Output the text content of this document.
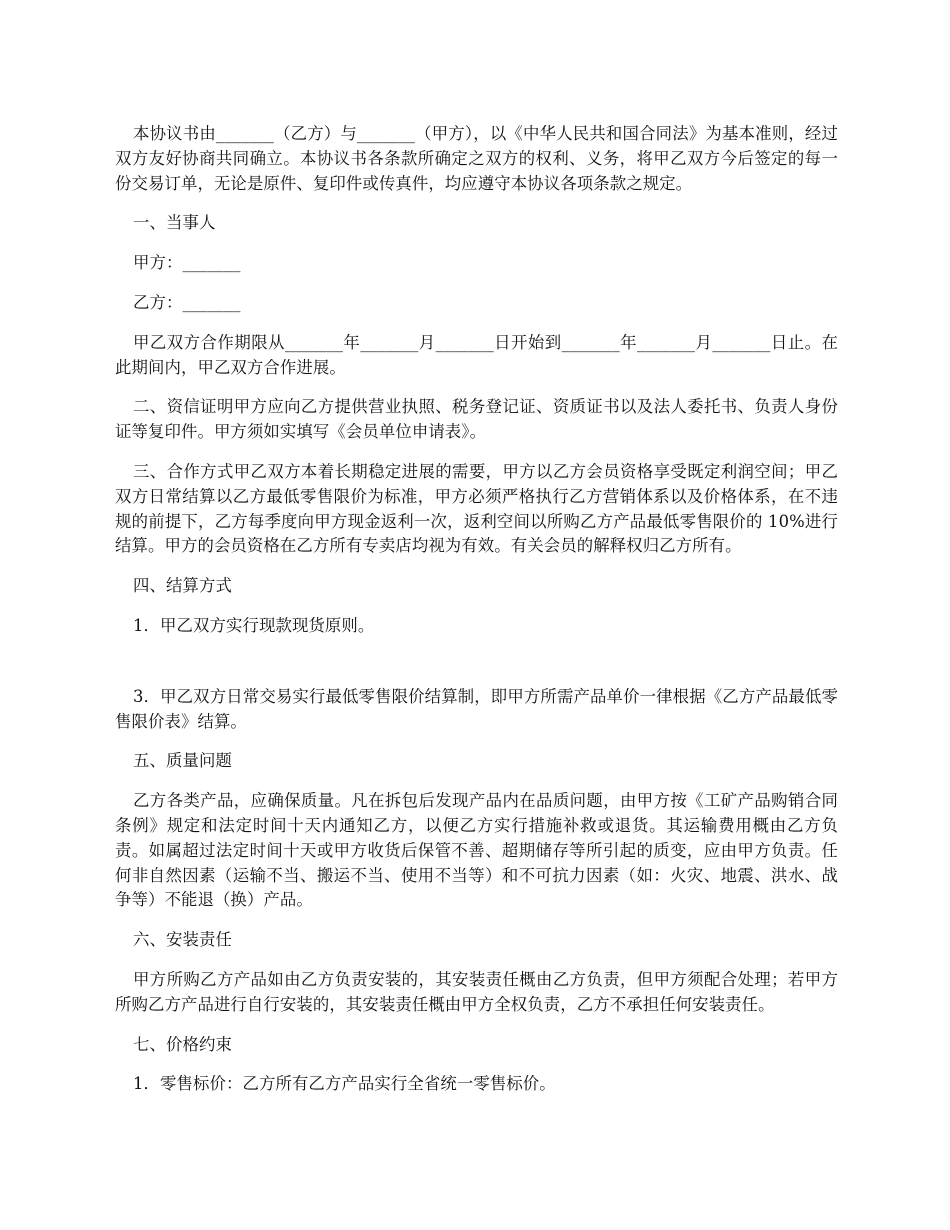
本协议书由_______（乙方）与_______（甲方），以《中华人民共和国合同法》为基本准则，经过双方友好协商共同确立。本协议书各条款所确定之双方的权利、义务，将甲乙双方今后签定的每一份交易订单，无论是原件、复印件或传真件，均应遵守本协议各项条款之规定。

一、当事人

甲方：_______

乙方：_______

甲乙双方合作期限从_______年_______月_______日开始到_______年_______月_______日止。在此期间内，甲乙双方合作进展。

二、资信证明甲方应向乙方提供营业执照、税务登记证、资质证书以及法人委托书、负责人身份证等复印件。甲方须如实填写《会员单位申请表》。

三、合作方式甲乙双方本着长期稳定进展的需要，甲方以乙方会员资格享受既定利润空间；甲乙双方日常结算以乙方最低零售限价为标准，甲方必须严格执行乙方营销体系以及价格体系，在不违规的前提下，乙方每季度向甲方现金返利一次，返利空间以所购乙方产品最低零售限价的 10%进行结算。甲方的会员资格在乙方所有专卖店均视为有效。有关会员的解释权归乙方所有。

四、结算方式

1．甲乙双方实行现款现货原则。

3．甲乙双方日常交易实行最低零售限价结算制，即甲方所需产品单价一律根据《乙方产品最低零售限价表》结算。

五、质量问题

乙方各类产品，应确保质量。凡在拆包后发现产品内在品质问题，由甲方按《工矿产品购销合同条例》规定和法定时间十天内通知乙方，以便乙方实行措施补救或退货。其运输费用概由乙方负责。如属超过法定时间十天或甲方收货后保管不善、超期储存等所引起的质变，应由甲方负责。任何非自然因素（运输不当、搬运不当、使用不当等）和不可抗力因素（如：火灾、地震、洪水、战争等）不能退（换）产品。

六、安装责任

甲方所购乙方产品如由乙方负责安装的，其安装责任概由乙方负责，但甲方须配合处理；若甲方所购乙方产品进行自行安装的，其安装责任概由甲方全权负责，乙方不承担任何安装责任。

七、价格约束

1．零售标价：乙方所有乙方产品实行全省统一零售标价。
